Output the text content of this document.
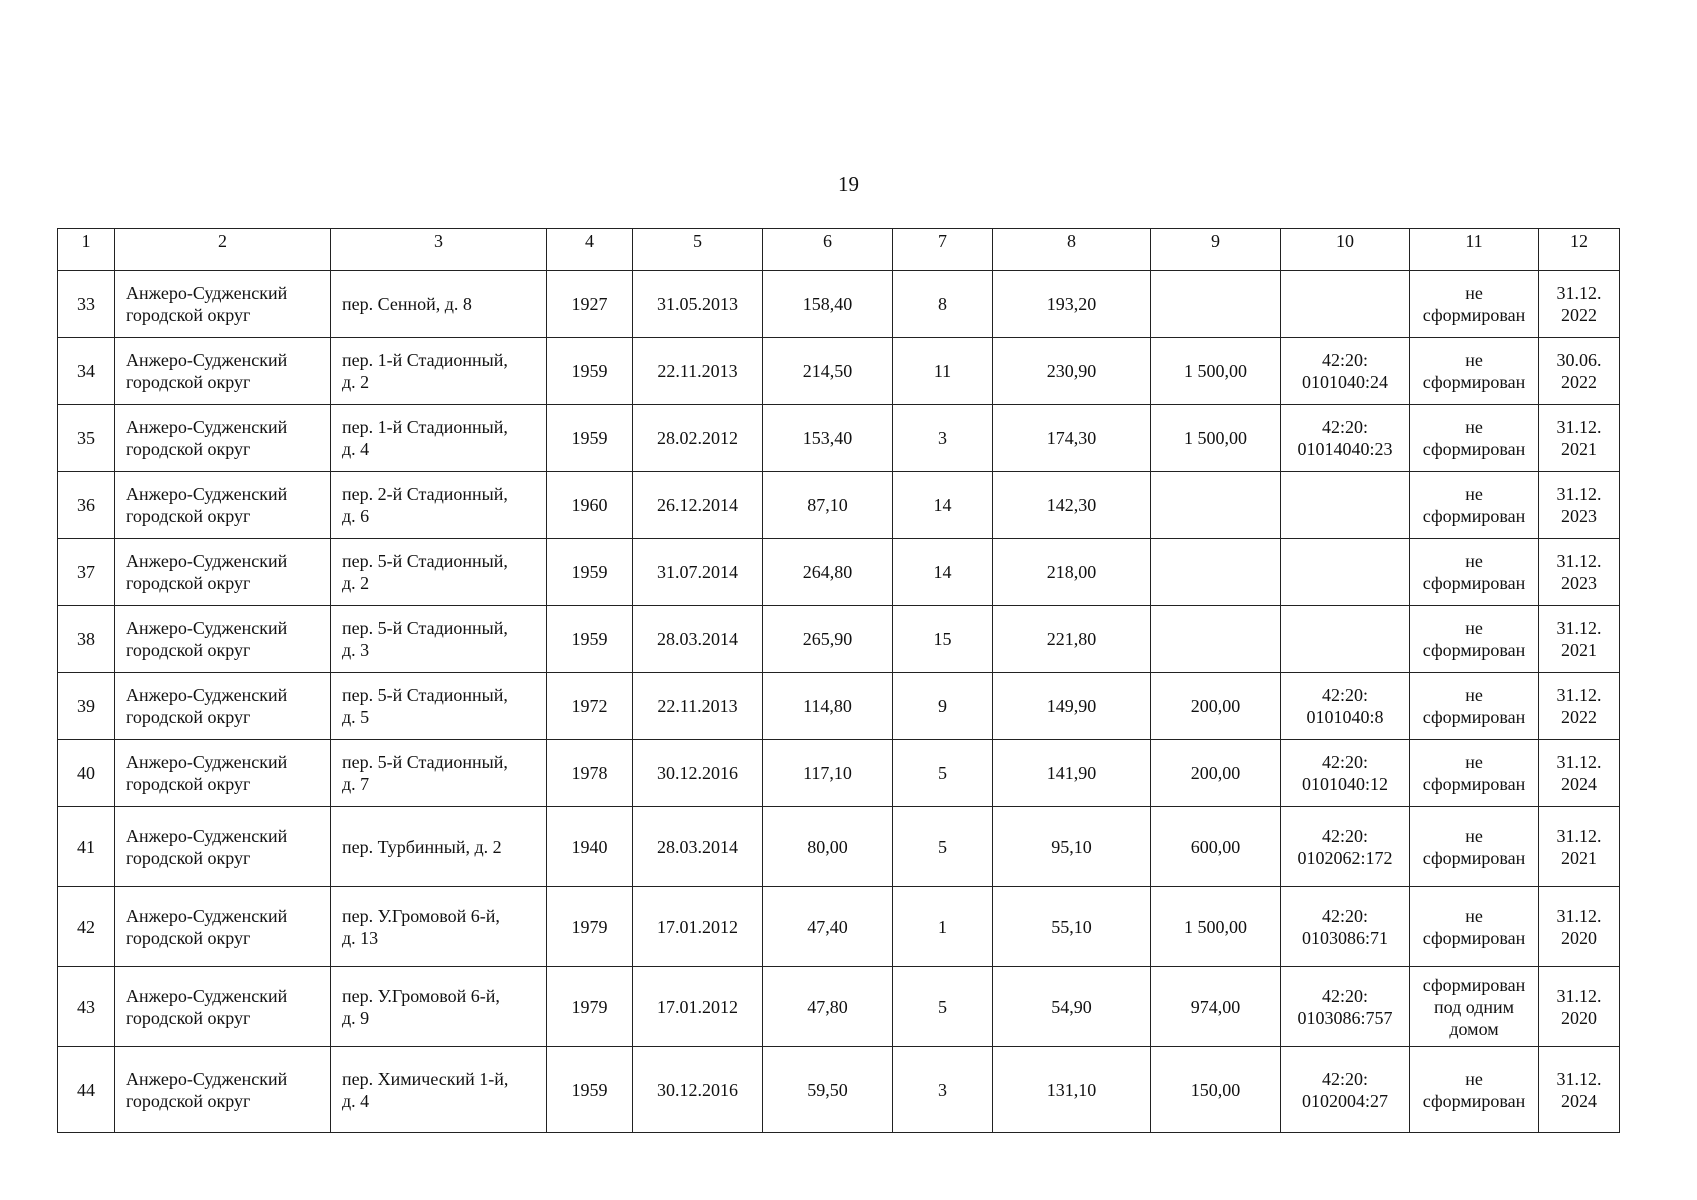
19
1	2	3	4	5	6	7	8	9	10	11	12
33	Анжеро-Судженский
городской округ	пер. Сенной, д. 8	1927	31.05.2013	158,40	8	193,20			не
сформирован	31.12.
2022

34	Анжеро-Судженский
городской округ	пер. 1-й Стадионный,
д. 2	1959	22.11.2013	214,50	11	230,90	1 500,00	42:20:
0101040:24	не
сформирован	30.06.
2022

35	Анжеро-Судженский
городской округ	пер. 1-й Стадионный,
д. 4	1959	28.02.2012	153,40	3	174,30	1 500,00	42:20:
01014040:23	не
сформирован	31.12.
2021

36	Анжеро-Судженский
городской округ	пер. 2-й Стадионный,
д. 6	1960	26.12.2014	87,10	14	142,30			не
сформирован	31.12.
2023

37	Анжеро-Судженский
городской округ	пер. 5-й Стадионный,
д. 2	1959	31.07.2014	264,80	14	218,00			не
сформирован	31.12.
2023

38	Анжеро-Судженский
городской округ	пер. 5-й Стадионный,
д. 3	1959	28.03.2014	265,90	15	221,80			не
сформирован	31.12.
2021

39	Анжеро-Судженский
городской округ	пер. 5-й Стадионный,
д. 5	1972	22.11.2013	114,80	9	149,90	200,00	42:20:
0101040:8	не
сформирован	31.12.
2022

40	Анжеро-Судженский
городской округ	пер. 5-й Стадионный,
д. 7	1978	30.12.2016	117,10	5	141,90	200,00	42:20:
0101040:12	не
сформирован	31.12.
2024

41	Анжеро-Судженский
городской округ	пер. Турбинный, д. 2	1940	28.03.2014	80,00	5	95,10	600,00	42:20:
0102062:172	не
сформирован	31.12.
2021

42	Анжеро-Судженский
городской округ	пер. У.Громовой 6-й,
д. 13	1979	17.01.2012	47,40	1	55,10	1 500,00	42:20:
0103086:71	не
сформирован	31.12.
2020

43	Анжеро-Судженский
городской округ	пер. У.Громовой 6-й,
д. 9	1979	17.01.2012	47,80	5	54,90	974,00	42:20:
0103086:757	сформирован
под одним
домом	31.12.
2020

44	Анжеро-Судженский
городской округ	пер. Химический 1-й,
д. 4	1959	30.12.2016	59,50	3	131,10	150,00	42:20:
0102004:27	не
сформирован	31.12.
2024
